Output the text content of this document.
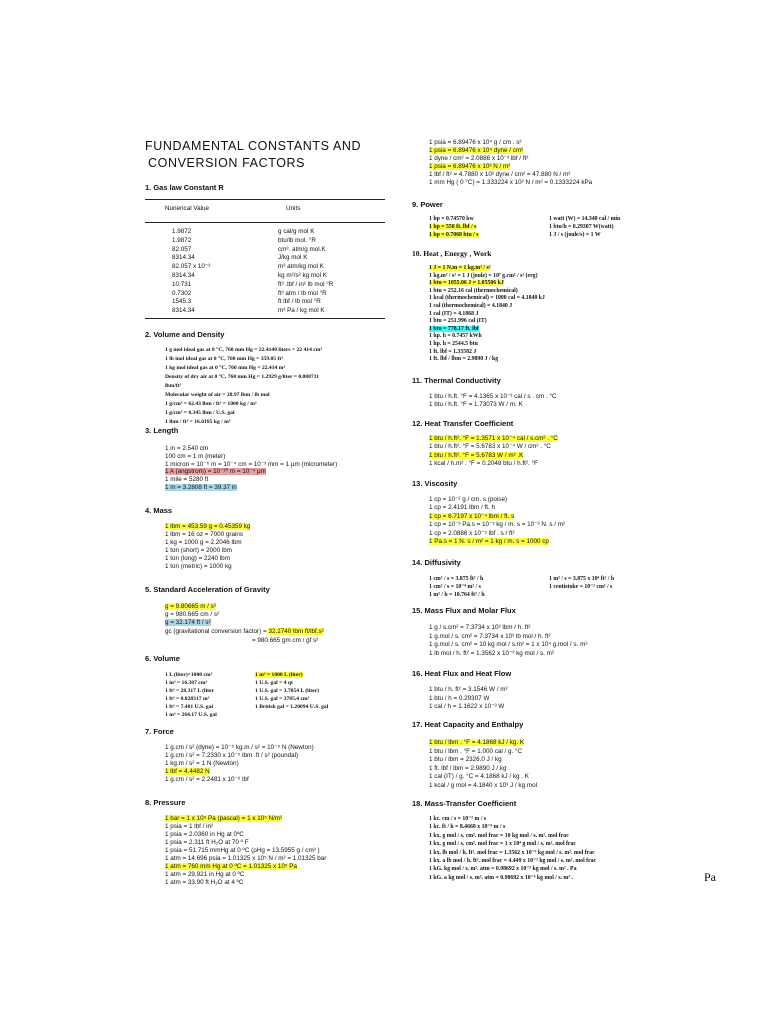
FUNDAMENTAL CONSTANTS AND
CONVERSION FACTORS
1. Gas law Constant R
Nunerical Value	Units
1.9872	g cal/g mol K
1.9872	btu/lb mol. °R
82.057	cm³. atm/g mol.K
8314.34	J/kg mol K
82.057 x 10⁻³	m³ atm/kg mol K
8314.34	kg m²/s² kg mol K
10.731	ft³ .lbf / in² lb mol °R
0.7302	ft³ atm / lb mol °R
1545.3	ft lbf / lb mol °R
8314.34	m³ Pa / kg mol K
2. Volume and Density
1 g mol ideal gas at 0 °C, 760 mm Hg = 22.4140 liters = 22 414 cm³
1 lb mol ideal gas at 0 °C, 760 mm Hg = 359.05 ft³
1 kg mol ideal gas at 0 °C, 760 mm Hg = 22.414 m³
Density of dry air at 0 °C, 760 mm Hg = 1.2929 g/liter = 0.080711
lbm/ft³
Molecular weight of air = 28.97 lbm / lb mol
1 g/cm³ = 62.43 lbm / ft³ = 1000 kg / m³
1 g/cm³ = 8.345 lbm / U.S. gal
1 lbm / ft³ = 16.0185 kg / m³
3. Length
1 in = 2.540 cm
100 cm = 1 m (meter)
1 micron = 10⁻⁶ m = 10⁻⁴ cm = 10⁻³ mm = 1 µm (micrometer)
1 A (angstrom) = 10⁻¹⁰ m = 10⁻⁴ µm
1 mile = 5280 ft
1 m = 3.2808 ft = 39.37 in
4. Mass
1 lbm = 453.59 g = 0.45359 kg
1 lbm = 16 oz = 7000 grains
1 kg = 1000 g = 2.2046 lbm
1 ton (short) = 2000 lbm
1 ton (long) = 2240 lbm
1 ton (metric) = 1000 kg
5. Standard Acceleration of Gravity
g = 9.80665 m / s²
g = 980.665 cm / s²
g = 32.174 ft / s²
gc (gravitational conversion factor) = 32.1740 lbm ft/lbf.s²
= 980.665 gm cm / gf s²
6. Volume
1 L (liter)=1000 cm³
1 in³ = 16.387 cm³
1 ft³ = 28.317 L (liter
1 ft³ = 0.028317 m³
1 ft³ = 7.481 U.S. gal
1 m³ = 264.17 U.S. gal
1 m³ = 1000 L (liter)
1 U.S. gal = 4 qt
1 U.S. gal = 3.7854 L (liter)
1 U.S. gal = 3785.4 cm³
1 British gal = 1.20094 U.S. gal
7. Force
1 g.cm / s² (dyne) = 10⁻⁵ kg.m / s² = 10⁻⁵ N (Newton)
1 g.cm / s² = 7.2330 x 10⁻⁵ lbm .ft / s² (poundal)
1 kg.m / s² = 1 N (Newton)
1 lbf = 4.4482 N
1 g.cm / s² = 2.2481 x 10⁻⁶ lbf
8. Pressure
1 bar = 1 x 10⁵ Pa (pascal) = 1 x 10⁵ N/m²
1 psia = 1 lbf / in²
1 psia = 2.0360 in Hg at 0ºC
1 psia = 2.311 ft H₂O at 70 º F
1 psia = 51.715 mmHg at 0 ºC (ρHg = 13.5955 g / cm³ )
1 atm = 14.696 psia = 1.01325 x 10⁵ N / m² = 1.01325 bar
1 atm = 760 mm Hg at 0 ºC = 1.01325 x 10⁵ Pa
1 atm = 29.921 in Hg at 0 ºC
1 atm = 33.90 ft H₂O at 4 ºC
1 psia = 6.89476 x 10⁴ g / cm . s²
1 psia = 6.89476 x 10⁴ dyne / cm²
1 dyne / cm² = 2.0886 x 10⁻³ lbf / ft²
1 psia = 6.89476 x 10³ N / m²
1 lbf / ft² = 4.7880 x 10² dyne / cm² = 47.880 N / m²
1 mm Hg ( 0 °C) = 1.333224 x 10² N / m² = 0.1333224 kPa
9. Power
1 hp = 0.74570 kw
1 hp = 550 ft. lbf / s
1 hp = 0.7068 btu / s
1 watt (W) = 14.340 cal / min
1 btu/h = 0.29307 W(watt)
1 J / s (joule/s) = 1 W
10. Heat , Energy , Work
1 J = 1 N.m = 1 kg.m² / s²
1 kg.m² / s² = 1 J (joule) = 10⁷ g.cm² / s² (erg)
1 btu = 1055.06 J = 1.05506 kJ
1 btu = 252.16 cal (thermochemical)
1 kcal (thermochemical) = 1000 cal = 4.1840 kJ
1 cal (thermochemical) = 4.1840 J
1 cal (IT) = 4.1868 J
1 btu = 251.996 cal (IT)
1 btu = 778.17 ft. lbf
1 hp. h = 0.7457 kWh
1 hp. h = 2544.5 btu
1 ft. lbf = 1.35582 J
1 ft. lbf / lbm = 2.9890 J / kg
11. Thermal Conductivity
1 btu / h.ft. °F = 4.1365 x 10⁻³ cal / s . cm . °C
1 btu / h.ft. °F = 1.73073 W / m. K
12. Heat Transfer Coefficient
1 btu / h.ft². °F = 1.3571 x 10⁻⁴ cal / s.cm² . °C
1 btu / h.ft². °F = 5.6783 x 10⁻⁴ W / cm² . °C
1 btu / h.ft². °F = 5.6783 W / m² .K
1 kcal / h.m² . °F = 0.2048 btu / h.ft². °F
13. Viscosity
1 cp = 10⁻² g / cm. s (poise)
1 cp = 2.4191 lbm / ft. h
1 cp = 6.7197 x 10⁻⁴ lbm / ft. s
1 cp = 10⁻³ Pa.s = 10⁻³ kg / m. s = 10⁻³ N. s / m²
1 cp = 2.0886 x 10⁻⁵ lbf . s / ft²
1 Pa.s = 1 N. s / m² = 1 kg / m. s = 1000 cp
14. Diffusivity
1 cm² / s = 3.875 ft² / h
1 cm² / s = 10⁻⁴ m² / s
1 m² / h = 10.764 ft² / h
1 m² / s = 3.875 x 10⁴ ft² / h
1 centistoke = 10⁻² cm² / s
15. Mass Flux and Molar Flux
1 g / s.cm² = 7.3734 x 10³ lbm / h. ft²
1 g.mol / s. cm² = 7.3734 x 10³ lb mol / h. ft²
1 g.mol / s. cm² = 10 kg mol / s.m² = 1 x 10⁴ g.mol / s. m²
1 lb mol / h. ft² = 1.3562 x 10⁻³ kg mol / s. m²
16. Heat Flux and Heat Flow
1 btu / h. ft² = 3.1546 W / m²
1 btu / h = 0.29307 W
1 cal / h = 1.1622 x 10⁻³ W
17. Heat Capacity and Enthalpy
1 btu / lbm . °F = 4.1868 kJ / kg. K
1 btu / lbm . °F = 1.000 cal / g. °C
1 btu / lbm = 2326.0 J / kg
1 ft. lbf / lbm = 2.9890 J / kg
1 cal (IT) / g. °C = 4.1868 kJ / kg . K
1 kcal / g mol = 4.1840 x 10³ J / kg mol
18. Mass-Transfer Coefficient
1 kc. cm / s = 10⁻² m / s
1 kc. ft / h = 8.4668 x 10⁻⁵ m / s
1 kx. g mol / s. cm². mol frac = 10 kg mol / s. m². mol frac
1 kx. g mol / s. cm². mol frac = 1 x 10⁴ g mol / s. m². mol frac
1 kx. lb mol / h. ft². mol frac = 1.3562 x 10⁻³ kg mol / s. m². mol frac
1 kx. a lb mol / h. ft². mol frac = 4.449 x 10⁻³ kg mol / s. m². mol frac
1 kG. kg mol / s. m². atm = 0.98692 x 10⁻⁵ kg mol / s. m² . Pa
1 kG. a kg mol / s. m². atm = 0.98692 x 10⁻⁵ kg mol / s. m² .	Pa
